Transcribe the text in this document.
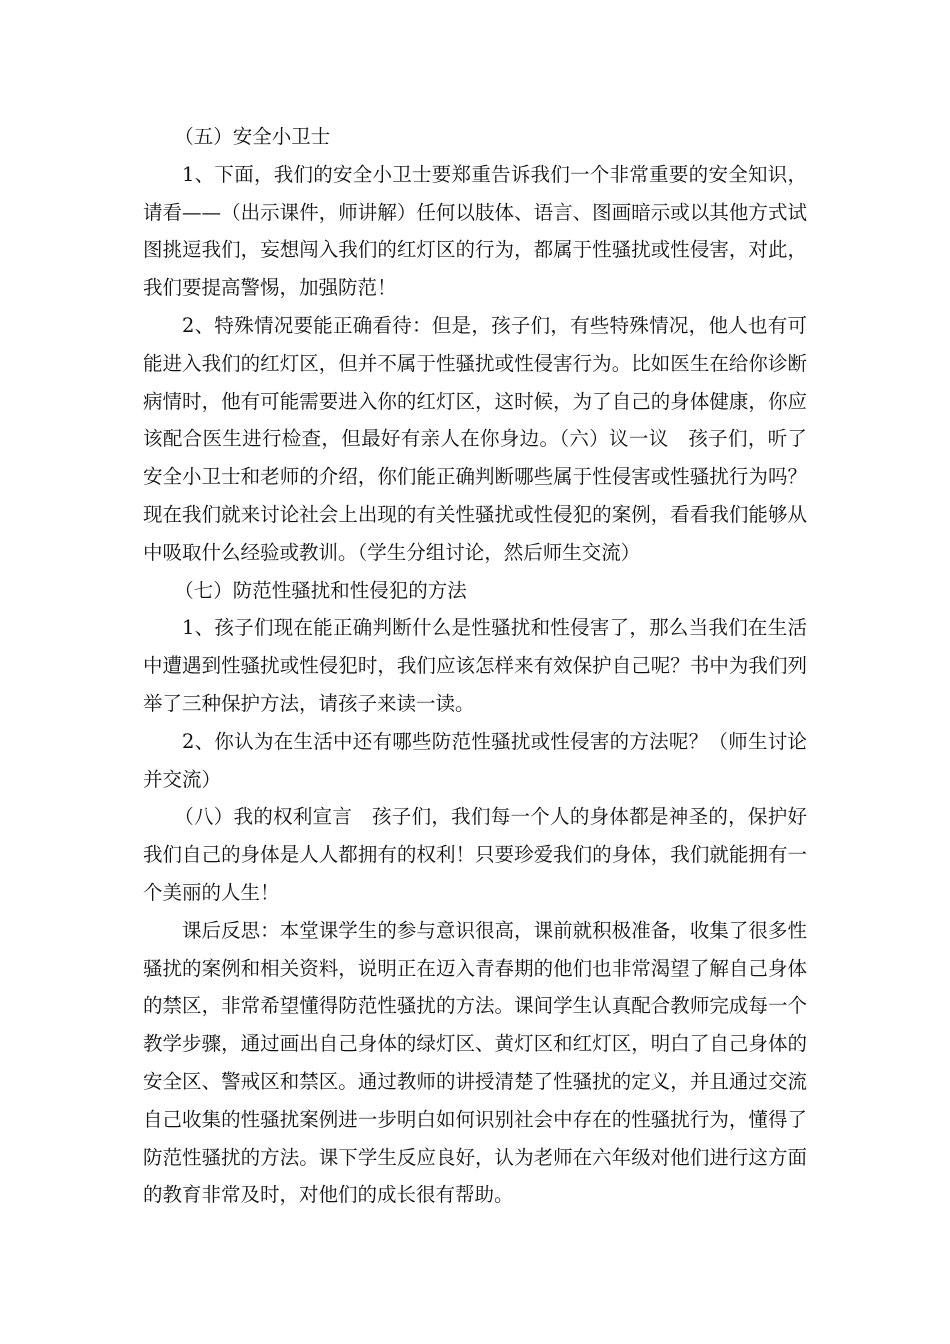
（五）安全小卫士

1、下面，我们的安全小卫士要郑重告诉我们一个非常重要的安全知识，请看——（出示课件，师讲解）任何以肢体、语言、图画暗示或以其他方式试图挑逗我们，妄想闯入我们的红灯区的行为，都属于性骚扰或性侵害，对此，我们要提高警惕，加强防范！

2、特殊情况要能正确看待：但是，孩子们，有些特殊情况，他人也有可能进入我们的红灯区，但并不属于性骚扰或性侵害行为。比如医生在给你诊断病情时，他有可能需要进入你的红灯区，这时候，为了自己的身体健康，你应该配合医生进行检查，但最好有亲人在你身边。（六）议一议　孩子们，听了安全小卫士和老师的介绍，你们能正确判断哪些属于性侵害或性骚扰行为吗？现在我们就来讨论社会上出现的有关性骚扰或性侵犯的案例，看看我们能够从中吸取什么经验或教训。（学生分组讨论，然后师生交流）

（七）防范性骚扰和性侵犯的方法

1、孩子们现在能正确判断什么是性骚扰和性侵害了，那么当我们在生活中遭遇到性骚扰或性侵犯时，我们应该怎样来有效保护自己呢？书中为我们列举了三种保护方法，请孩子来读一读。

2、你认为在生活中还有哪些防范性骚扰或性侵害的方法呢？（师生讨论并交流）

（八）我的权利宣言　孩子们，我们每一个人的身体都是神圣的，保护好我们自己的身体是人人都拥有的权利！只要珍爱我们的身体，我们就能拥有一个美丽的人生！

课后反思：本堂课学生的参与意识很高，课前就积极准备，收集了很多性骚扰的案例和相关资料，说明正在迈入青春期的他们也非常渴望了解自己身体的禁区，非常希望懂得防范性骚扰的方法。课间学生认真配合教师完成每一个教学步骤，通过画出自己身体的绿灯区、黄灯区和红灯区，明白了自己身体的安全区、警戒区和禁区。通过教师的讲授清楚了性骚扰的定义，并且通过交流自己收集的性骚扰案例进一步明白如何识别社会中存在的性骚扰行为，懂得了防范性骚扰的方法。课下学生反应良好，认为老师在六年级对他们进行这方面的教育非常及时，对他们的成长很有帮助。
